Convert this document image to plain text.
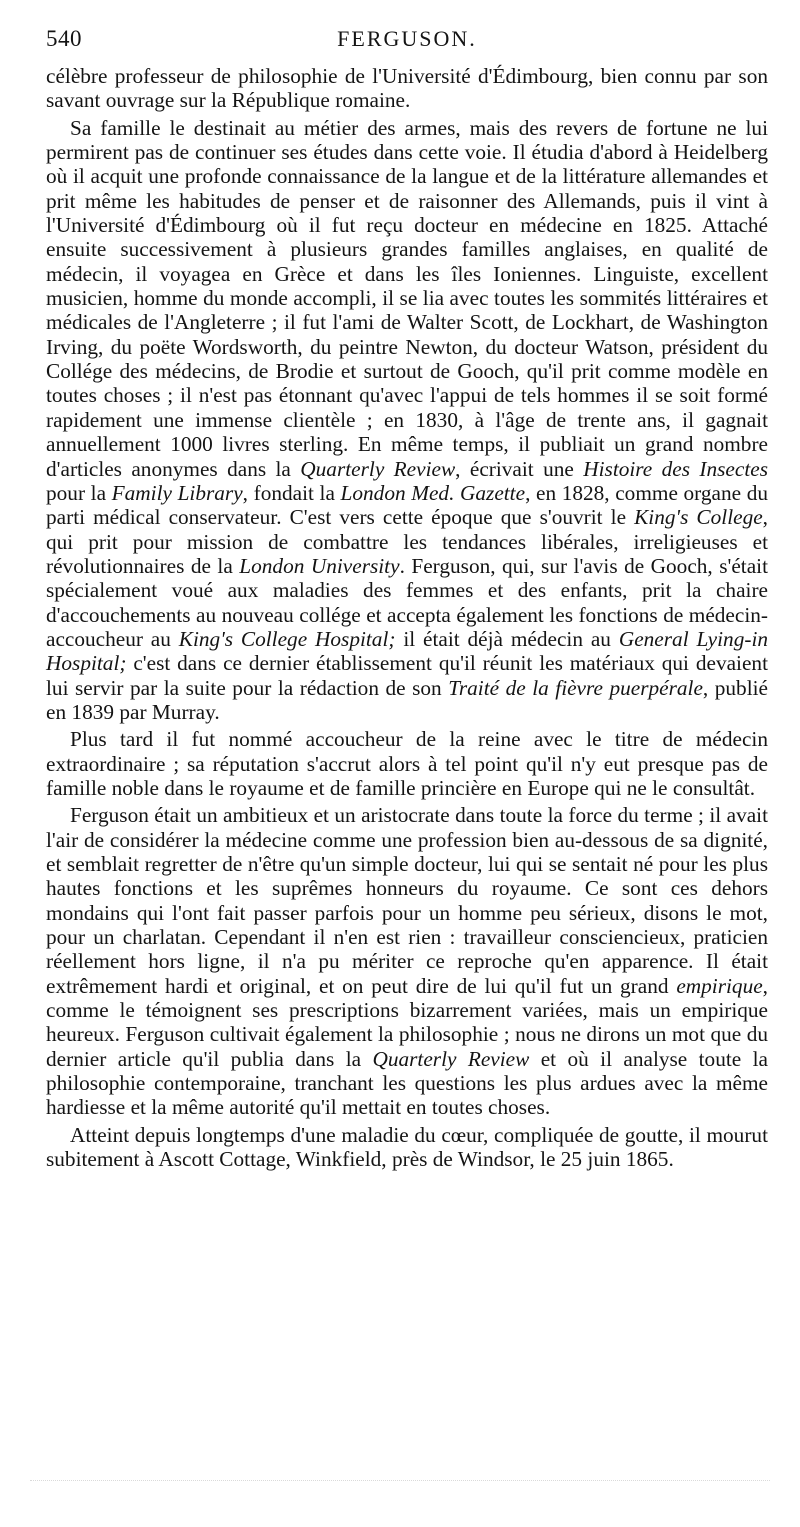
540	FERGUSON.

célèbre professeur de philosophie de l'Université d'Édimbourg, bien connu par son savant ouvrage sur la République romaine.

Sa famille le destinait au métier des armes, mais des revers de fortune ne lui permirent pas de continuer ses études dans cette voie. Il étudia d'abord à Heidelberg où il acquit une profonde connaissance de la langue et de la littérature allemandes et prit même les habitudes de penser et de raisonner des Allemands, puis il vint à l'Université d'Édimbourg où il fut reçu docteur en médecine en 1825. Attaché ensuite successivement à plusieurs grandes familles anglaises, en qualité de médecin, il voyagea en Grèce et dans les îles Ioniennes. Linguiste, excellent musicien, homme du monde accompli, il se lia avec toutes les sommités littéraires et médicales de l'Angleterre ; il fut l'ami de Walter Scott, de Lockhart, de Washington Irving, du poëte Wordsworth, du peintre Newton, du docteur Watson, président du Collége des médecins, de Brodie et surtout de Gooch, qu'il prit comme modèle en toutes choses ; il n'est pas étonnant qu'avec l'appui de tels hommes il se soit formé rapidement une immense clientèle ; en 1830, à l'âge de trente ans, il gagnait annuellement 1000 livres sterling. En même temps, il publiait un grand nombre d'articles anonymes dans la Quarterly Review, écrivait une Histoire des Insectes pour la Family Library, fondait la London Med. Gazette, en 1828, comme organe du parti médical conservateur. C'est vers cette époque que s'ouvrit le King's College, qui prit pour mission de combattre les tendances libérales, irreligieuses et révolutionnaires de la London University. Ferguson, qui, sur l'avis de Gooch, s'était spécialement voué aux maladies des femmes et des enfants, prit la chaire d'accouchements au nouveau collége et accepta également les fonctions de médecin-accoucheur au King's College Hospital; il était déjà médecin au General Lying-in Hospital; c'est dans ce dernier établissement qu'il réunit les matériaux qui devaient lui servir par la suite pour la rédaction de son Traité de la fièvre puerpérale, publié en 1839 par Murray.

Plus tard il fut nommé accoucheur de la reine avec le titre de médecin extraordinaire ; sa réputation s'accrut alors à tel point qu'il n'y eut presque pas de famille noble dans le royaume et de famille princière en Europe qui ne le consultât.

Ferguson était un ambitieux et un aristocrate dans toute la force du terme ; il avait l'air de considérer la médecine comme une profession bien au-dessous de sa dignité, et semblait regretter de n'être qu'un simple docteur, lui qui se sentait né pour les plus hautes fonctions et les suprêmes honneurs du royaume. Ce sont ces dehors mondains qui l'ont fait passer parfois pour un homme peu sérieux, disons le mot, pour un charlatan. Cependant il n'en est rien : travailleur consciencieux, praticien réellement hors ligne, il n'a pu mériter ce reproche qu'en apparence. Il était extrêmement hardi et original, et on peut dire de lui qu'il fut un grand empirique, comme le témoignent ses prescriptions bizarrement variées, mais un empirique heureux. Ferguson cultivait également la philosophie ; nous ne dirons un mot que du dernier article qu'il publia dans la Quarterly Review et où il analyse toute la philosophie contemporaine, tranchant les questions les plus ardues avec la même hardiesse et la même autorité qu'il mettait en toutes choses.

Atteint depuis longtemps d'une maladie du cœur, compliquée de goutte, il mourut subitement à Ascott Cottage, Winkfield, près de Windsor, le 25 juin 1865.
